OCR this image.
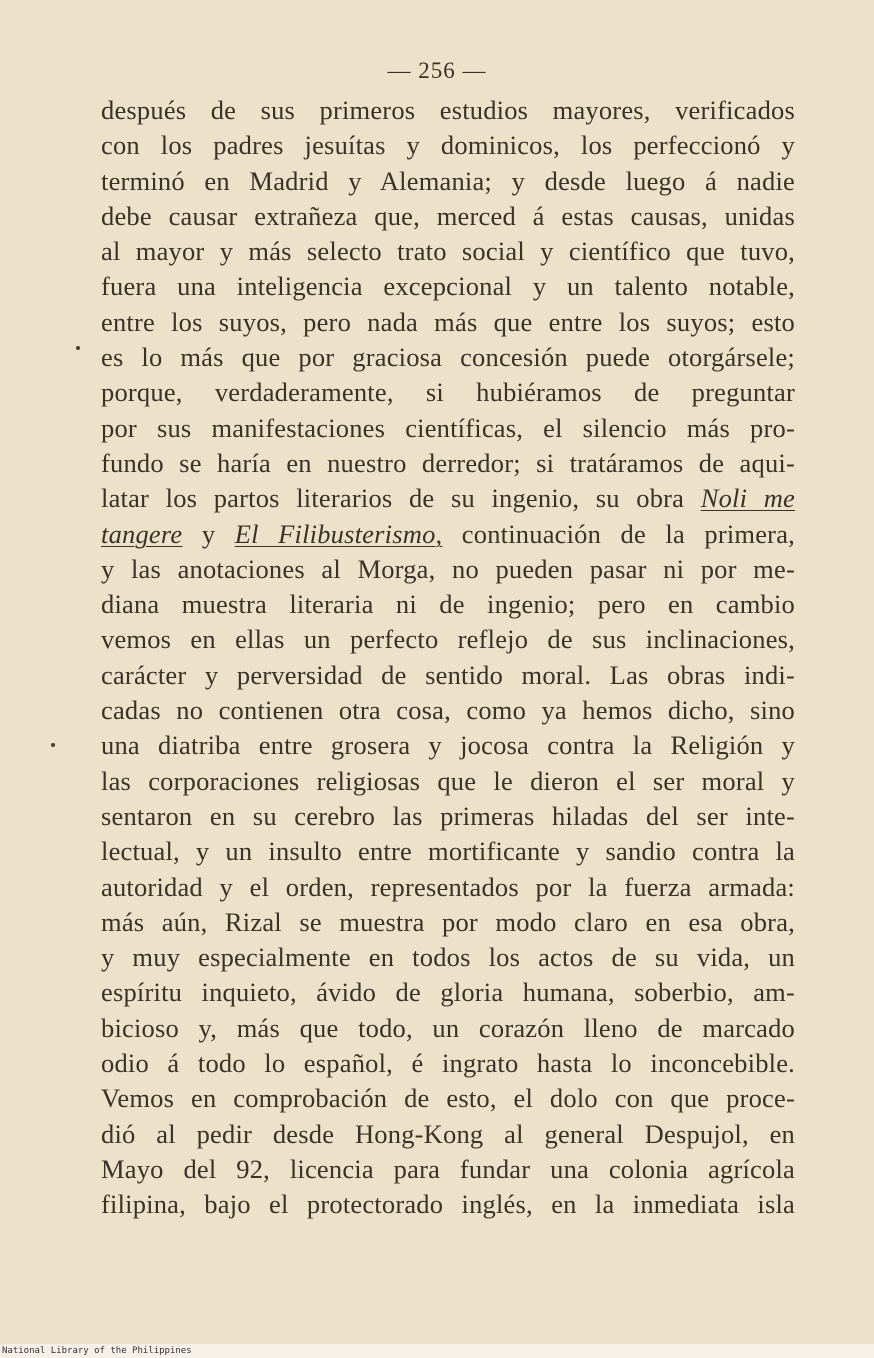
— 256 —
después de sus primeros estudios mayores, verificados
con los padres jesuítas y dominicos, los perfeccionó y
terminó en Madrid y Alemania; y desde luego á nadie
debe causar extrañeza que, merced á estas causas, unidas
al mayor y más selecto trato social y científico que tuvo,
fuera una inteligencia excepcional y un talento notable,
entre los suyos, pero nada más que entre los suyos; esto
es lo más que por graciosa concesión puede otorgársele;
porque, verdaderamente, si hubiéramos de preguntar
por sus manifestaciones científicas, el silencio más pro-
fundo se haría en nuestro derredor; si tratáramos de aqui-
latar los partos literarios de su ingenio, su obra Noli me
tangere y El Filibusterismo, continuación de la primera,
y las anotaciones al Morga, no pueden pasar ni por me-
diana muestra literaria ni de ingenio; pero en cambio
vemos en ellas un perfecto reflejo de sus inclinaciones,
carácter y perversidad de sentido moral. Las obras indi-
cadas no contienen otra cosa, como ya hemos dicho, sino
una diatriba entre grosera y jocosa contra la Religión y
las corporaciones religiosas que le dieron el ser moral y
sentaron en su cerebro las primeras hiladas del ser inte-
lectual, y un insulto entre mortificante y sandio contra la
autoridad y el orden, representados por la fuerza armada:
más aún, Rizal se muestra por modo claro en esa obra,
y muy especialmente en todos los actos de su vida, un
espíritu inquieto, ávido de gloria humana, soberbio, am-
bicioso y, más que todo, un corazón lleno de marcado
odio á todo lo español, é ingrato hasta lo inconcebible.
Vemos en comprobación de esto, el dolo con que proce-
dió al pedir desde Hong-Kong al general Despujol, en
Mayo del 92, licencia para fundar una colonia agrícola
filipina, bajo el protectorado inglés, en la inmediata isla
National Library of the Philippines
